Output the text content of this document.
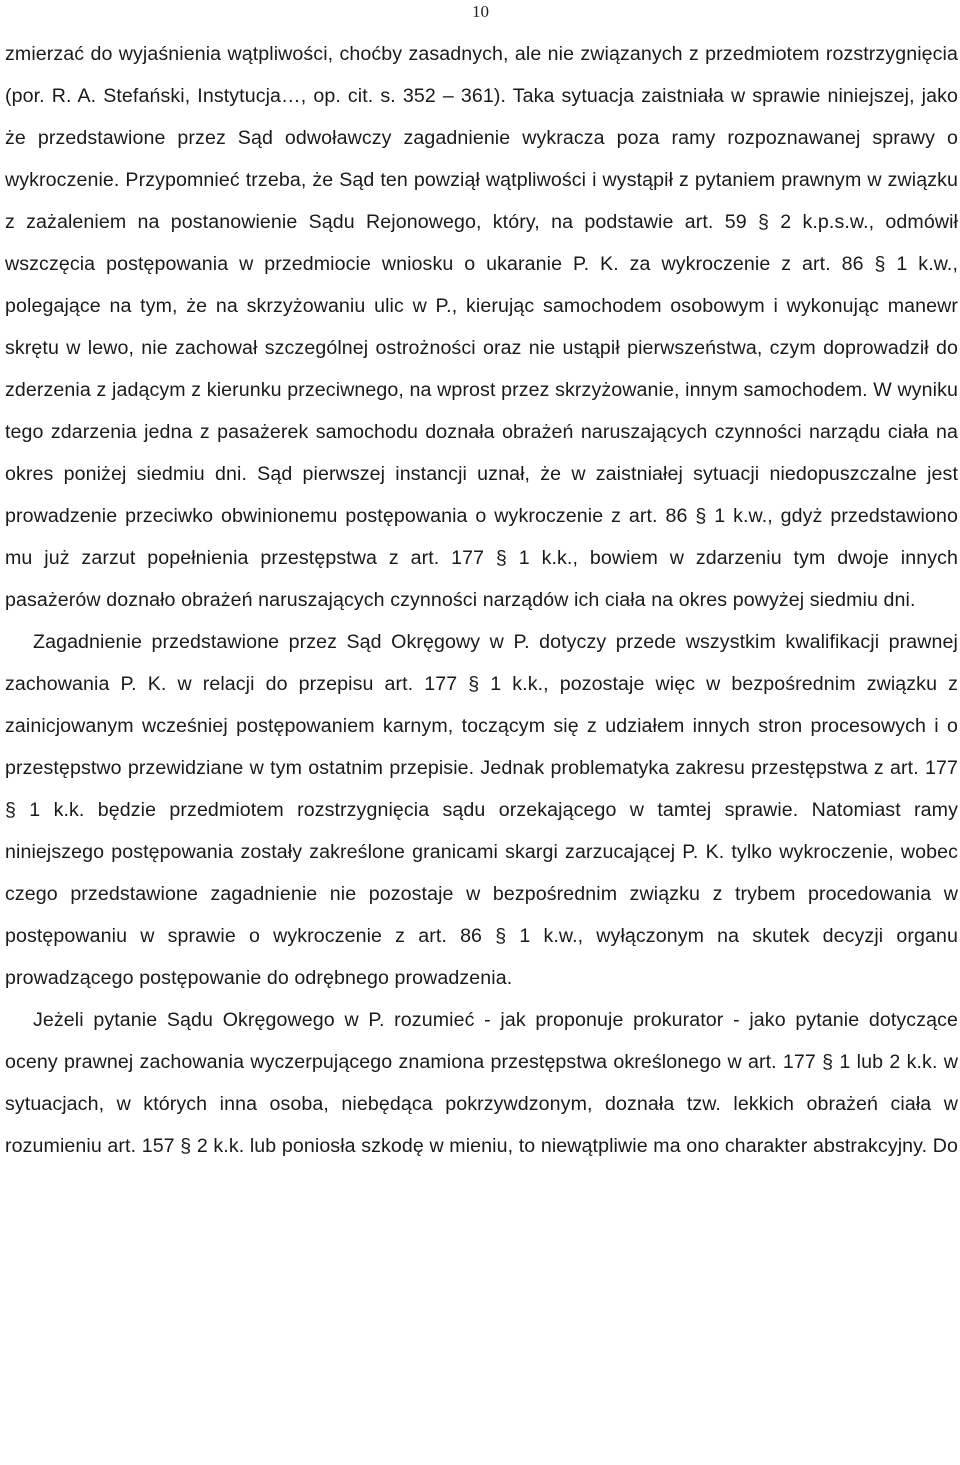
10

zmierzać do wyjaśnienia wątpliwości, choćby zasadnych, ale nie związanych z przedmiotem rozstrzygnięcia (por. R. A. Stefański, Instytucja…, op. cit. s. 352 – 361). Taka sytuacja zaistniała w sprawie niniejszej, jako że przedstawione przez Sąd odwoławczy zagadnienie wykracza poza ramy rozpoznawanej sprawy o wykroczenie. Przypomnieć trzeba, że Sąd ten powziął wątpliwości i wystąpił z pytaniem prawnym w związku z zażaleniem na postanowienie Sądu Rejonowego, który, na podstawie art. 59 § 2 k.p.s.w., odmówił wszczęcia postępowania w przedmiocie wniosku o ukaranie P. K. za wykroczenie z art. 86 § 1 k.w., polegające na tym, że na skrzyżowaniu ulic w P., kierując samochodem osobowym i wykonując manewr skrętu w lewo, nie zachował szczególnej ostrożności oraz nie ustąpił pierwszeństwa, czym doprowadził do zderzenia z jadącym z kierunku przeciwnego, na wprost przez skrzyżowanie, innym samochodem. W wyniku tego zdarzenia jedna z pasażerek samochodu doznała obrażeń naruszających czynności narządu ciała na okres poniżej siedmiu dni. Sąd pierwszej instancji uznał, że w zaistniałej sytuacji niedopuszczalne jest prowadzenie przeciwko obwinionemu postępowania o wykroczenie z art. 86 § 1 k.w., gdyż przedstawiono mu już zarzut popełnienia przestępstwa z art. 177 § 1 k.k., bowiem w zdarzeniu tym dwoje innych pasażerów doznało obrażeń naruszających czynności narządów ich ciała na okres powyżej siedmiu dni.

Zagadnienie przedstawione przez Sąd Okręgowy w P. dotyczy przede wszystkim kwalifikacji prawnej zachowania P. K. w relacji do przepisu art. 177 § 1 k.k., pozostaje więc w bezpośrednim związku z zainicjowanym wcześniej postępowaniem karnym, toczącym się z udziałem innych stron procesowych i o przestępstwo przewidziane w tym ostatnim przepisie. Jednak problematyka zakresu przestępstwa z art. 177 § 1 k.k. będzie przedmiotem rozstrzygnięcia sądu orzekającego w tamtej sprawie. Natomiast ramy niniejszego postępowania zostały zakreślone granicami skargi zarzucającej P. K. tylko wykroczenie, wobec czego przedstawione zagadnienie nie pozostaje w bezpośrednim związku z trybem procedowania w postępowaniu w sprawie o wykroczenie z art. 86 § 1 k.w., wyłączonym na skutek decyzji organu prowadzącego postępowanie do odrębnego prowadzenia.

Jeżeli pytanie Sądu Okręgowego w P. rozumieć - jak proponuje prokurator - jako pytanie dotyczące oceny prawnej zachowania wyczerpującego znamiona przestępstwa określonego w art. 177 § 1 lub 2 k.k. w sytuacjach, w których inna osoba, niebędąca pokrzywdzonym, doznała tzw. lekkich obrażeń ciała w rozumieniu art. 157 § 2 k.k. lub poniosła szkodę w mieniu, to niewątpliwie ma ono charakter abstrakcyjny. Do
